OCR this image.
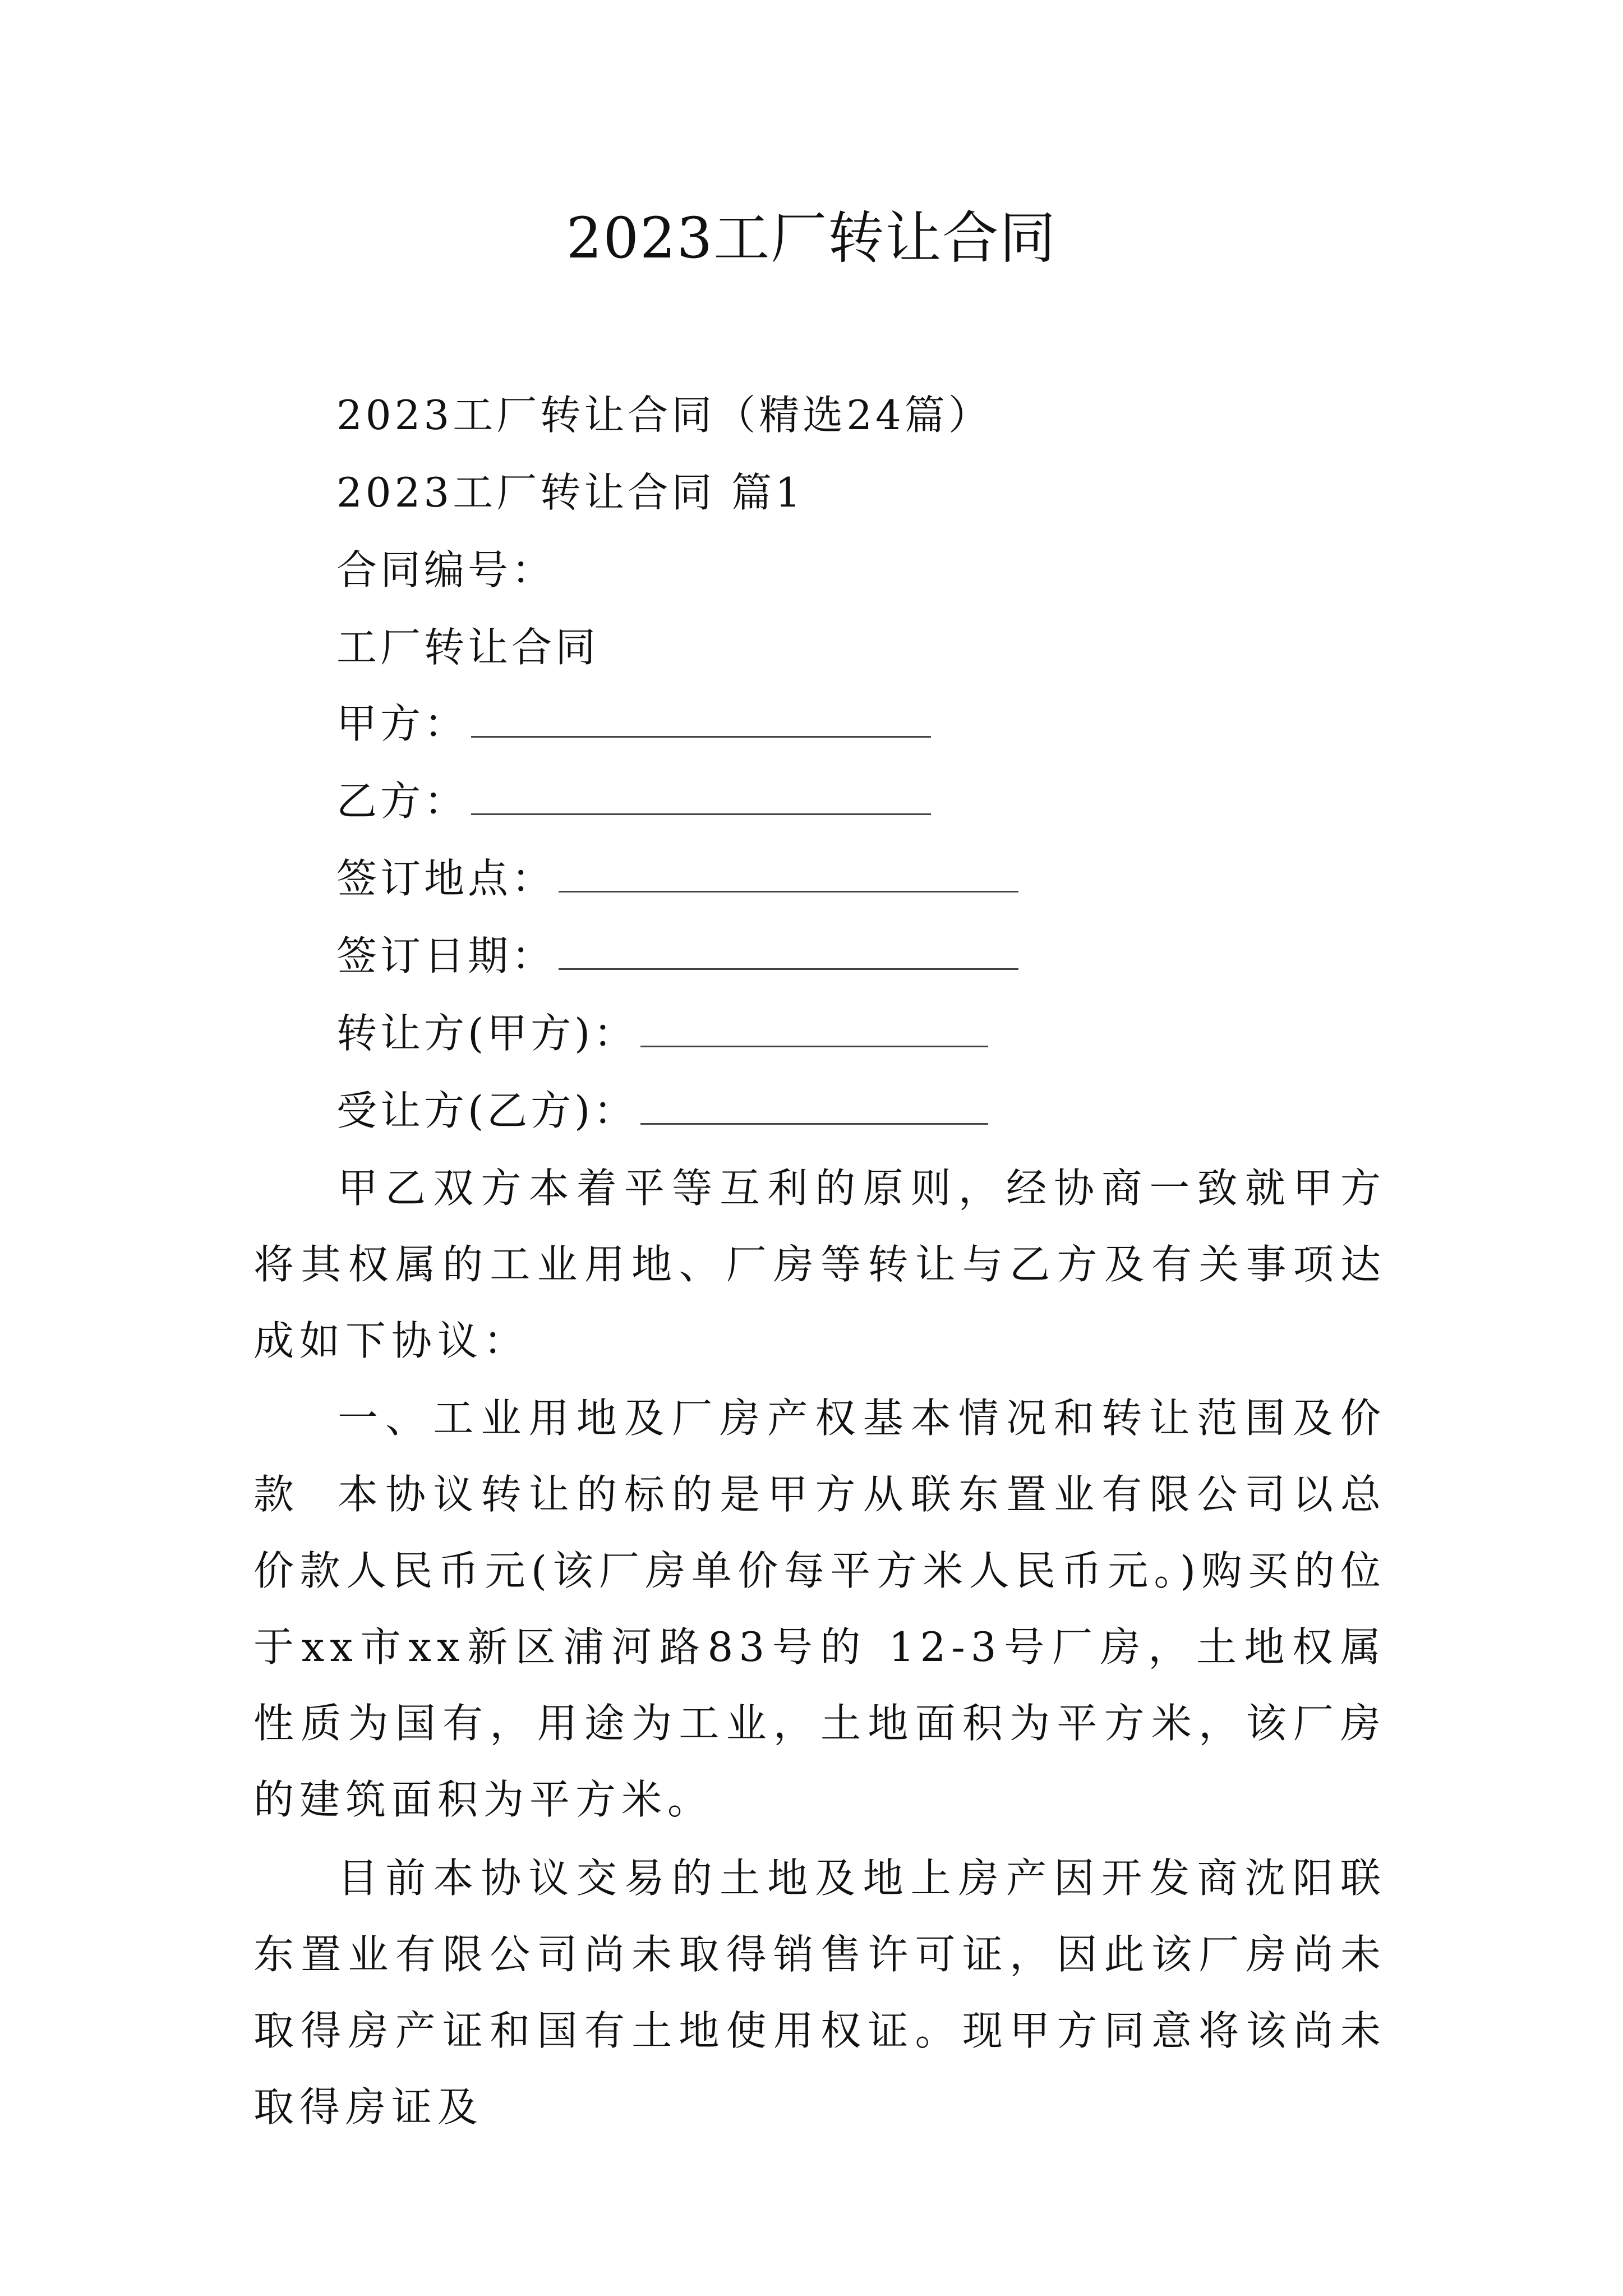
2023工厂转让合同
2023工厂转让合同（精选24篇）
2023工厂转让合同 篇1
合同编号：
工厂转让合同
甲方：
乙方：
签订地点：
签订日期：
转让方(甲方)：
受让方(乙方)：
甲乙双方本着平等互利的原则，经协商一致就甲方将其权属的工业用地、厂房等转让与乙方及有关事项达成如下协议：
一、工业用地及厂房产权基本情况和转让范围及价款 本协议转让的标的是甲方从联东置业有限公司以总价款人民币元(该厂房单价每平方米人民币元。)购买的位于xx市xx新区浦河路83号的 12-3号厂房，土地权属性质为国有，用途为工业，土地面积为平方米，该厂房的建筑面积为平方米。
目前本协议交易的土地及地上房产因开发商沈阳联东置业有限公司尚未取得销售许可证，因此该厂房尚未取得房产证和国有土地使用权证。现甲方同意将该尚未取得房证及
